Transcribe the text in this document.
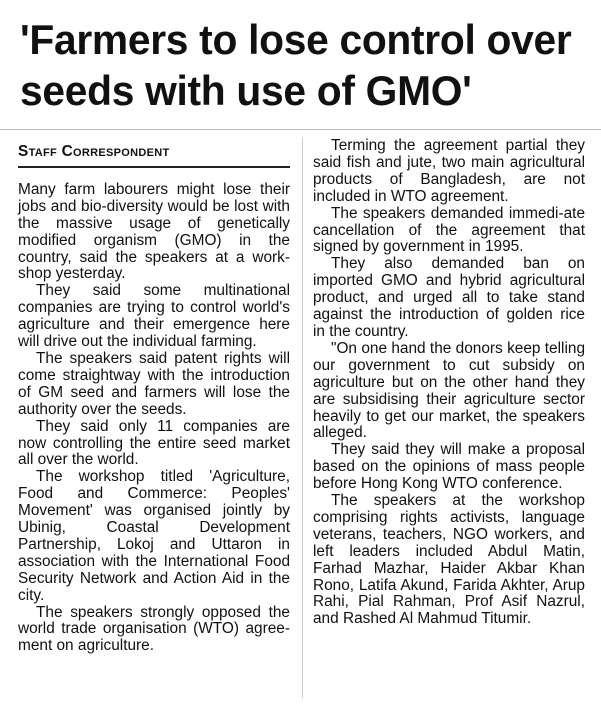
'Farmers to lose control over seeds with use of GMO'
Staff Correspondent

Many farm labourers might lose their jobs and bio-diversity would be lost with the massive usage of genetically modified organism (GMO) in the country, said the speakers at a work-shop yesterday.

They said some multinational companies are trying to control world's agriculture and their emergence here will drive out the individual farming.

The speakers said patent rights will come straightway with the introduction of GM seed and farmers will lose the authority over the seeds.

They said only 11 companies are now controlling the entire seed market all over the world.

The workshop titled 'Agriculture, Food and Commerce: Peoples' Movement' was organised jointly by Ubinig, Coastal Development Partnership, Lokoj and Uttaron in association with the International Food Security Network and Action Aid in the city.

The speakers strongly opposed the world trade organisation (WTO) agree-ment on agriculture.

Terming the agreement partial they said fish and jute, two main agricultural products of Bangladesh, are not included in WTO agreement.

The speakers demanded immedi-ate cancellation of the agreement that signed by government in 1995.

They also demanded ban on imported GMO and hybrid agricultural product, and urged all to take stand against the introduction of golden rice in the country.

"On one hand the donors keep telling our government to cut subsidy on agriculture but on the other hand they are subsidising their agriculture sector heavily to get our market, the speakers alleged.

They said they will make a proposal based on the opinions of mass people before Hong Kong WTO conference.

The speakers at the workshop comprising rights activists, language veterans, teachers, NGO workers, and left leaders included Abdul Matin, Farhad Mazhar, Haider Akbar Khan Rono, Latifa Akund, Farida Akhter, Arup Rahi, Pial Rahman, Prof Asif Nazrul, and Rashed Al Mahmud Titumir.
